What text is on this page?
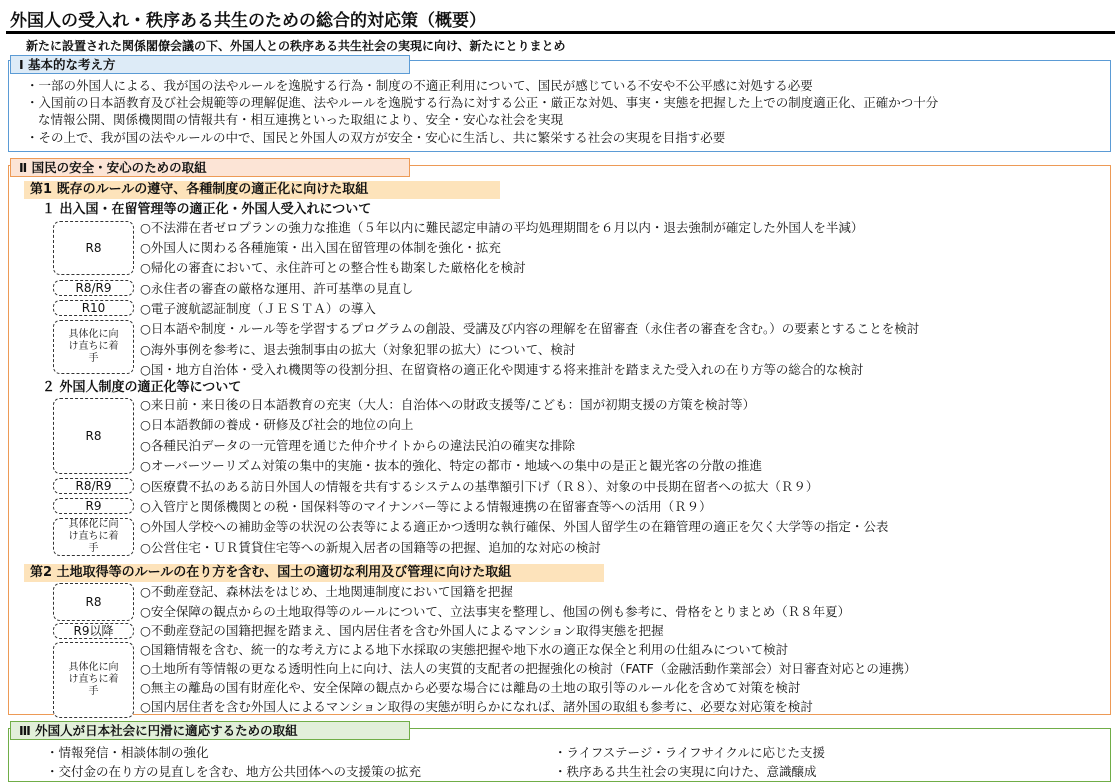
外国人の受入れ・秩序ある共生のための総合的対応策（概要）
新たに設置された関係閣僚会議の下、外国人との秩序ある共生社会の実現に向け、新たにとりまとめ
Ⅰ 基本的な考え方
・ 一部の外国人による、我が国の法やルールを逸脱する行為・制度の不適正利用について、国民が感じている不安や不公平感に対処する必要
・ 入国前の日本語教育及び社会規範等の理解促進、法やルールを逸脱する行為に対する公正・厳正な対処、事実・実態を把握した上での制度適正化、正確かつ十分
な情報公開、関係機関間の情報共有・相互連携といった取組により、安全・安心な社会を実現
・ その上で、我が国の法やルールの中で、国民と外国人の双方が安全・安心に生活し、共に繁栄する社会の実現を目指す必要
Ⅱ 国民の安全・安心のための取組
第1 既存のルールの遵守、各種制度の適正化に向けた取組
１ 出入国・在留管理等の適正化・外国人受入れについて
R8
R8/R9
R10
具体化に向け直ちに着手
○不法滞在者ゼロプランの強力な推進（５年以内に難民認定申請の平均処理期間を６月以内・退去強制が確定した外国人を半減）
○外国人に関わる各種施策・出入国在留管理の体制を強化・拡充
○帰化の審査において、永住許可との整合性も勘案した厳格化を検討
○永住者の審査の厳格な運用、許可基準の見直し
○電子渡航認証制度（ＪＥＳＴＡ）の導入
○日本語や制度・ルール等を学習するプログラムの創設、受講及び内容の理解を在留審査（永住者の審査を含む。）の要素とすることを検討
○海外事例を参考に、退去強制事由の拡大（対象犯罪の拡大）について、検討
○国・地方自治体・受入れ機関等の役割分担、在留資格の適正化や関連する将来推計を踏まえた受入れの在り方等の総合的な検討
２ 外国人制度の適正化等について
R8
R8/R9
R9
具体化に向け直ちに着手
○来日前・来日後の日本語教育の充実（大人：自治体への財政支援等/こども：国が初期支援の方策を検討等）
○日本語教師の養成・研修及び社会的地位の向上
○各種民泊データの一元管理を通じた仲介サイトからの違法民泊の確実な排除
○オーバーツーリズム対策の集中的実施・抜本的強化、特定の都市・地域への集中の是正と観光客の分散の推進
○医療費不払のある訪日外国人の情報を共有するシステムの基準額引下げ（Ｒ８）、対象の中長期在留者への拡大（Ｒ９）
○入管庁と関係機関との税・国保料等のマイナンバー等による情報連携の在留審査等への活用（Ｒ９）
○外国人学校への補助金等の状況の公表等による適正かつ透明な執行確保、外国人留学生の在籍管理の適正を欠く大学等の指定・公表
○公営住宅・ＵＲ賃貸住宅等への新規入居者の国籍等の把握、追加的な対応の検討
第2 土地取得等のルールの在り方を含む、国土の適切な利用及び管理に向けた取組
R8
R9以降
具体化に向け直ちに着手
○不動産登記、森林法をはじめ、土地関連制度において国籍を把握
○安全保障の観点からの土地取得等のルールについて、立法事実を整理し、他国の例も参考に、骨格をとりまとめ（Ｒ８年夏）
○不動産登記の国籍把握を踏まえ、国内居住者を含む外国人によるマンション取得実態を把握
○国籍情報を含む、統一的な考え方による地下水採取の実態把握や地下水の適正な保全と利用の仕組みについて検討
○土地所有等情報の更なる透明性向上に向け、法人の実質的支配者の把握強化の検討（FATF（金融活動作業部会）対日審査対応との連携）
○無主の離島の国有財産化や、安全保障の観点から必要な場合には離島の土地の取引等のルール化を含めて対策を検討
○国内居住者を含む外国人によるマンション取得の実態が明らかになれば、諸外国の取組も参考に、必要な対応策を検討
Ⅲ 外国人が日本社会に円滑に適応するための取組
・ 情報発信・相談体制の強化
・ 交付金の在り方の見直しを含む、地方公共団体への支援策の拡充
・ライフステージ・ライフサイクルに応じた支援
・秩序ある共生社会の実現に向けた、意識醸成
